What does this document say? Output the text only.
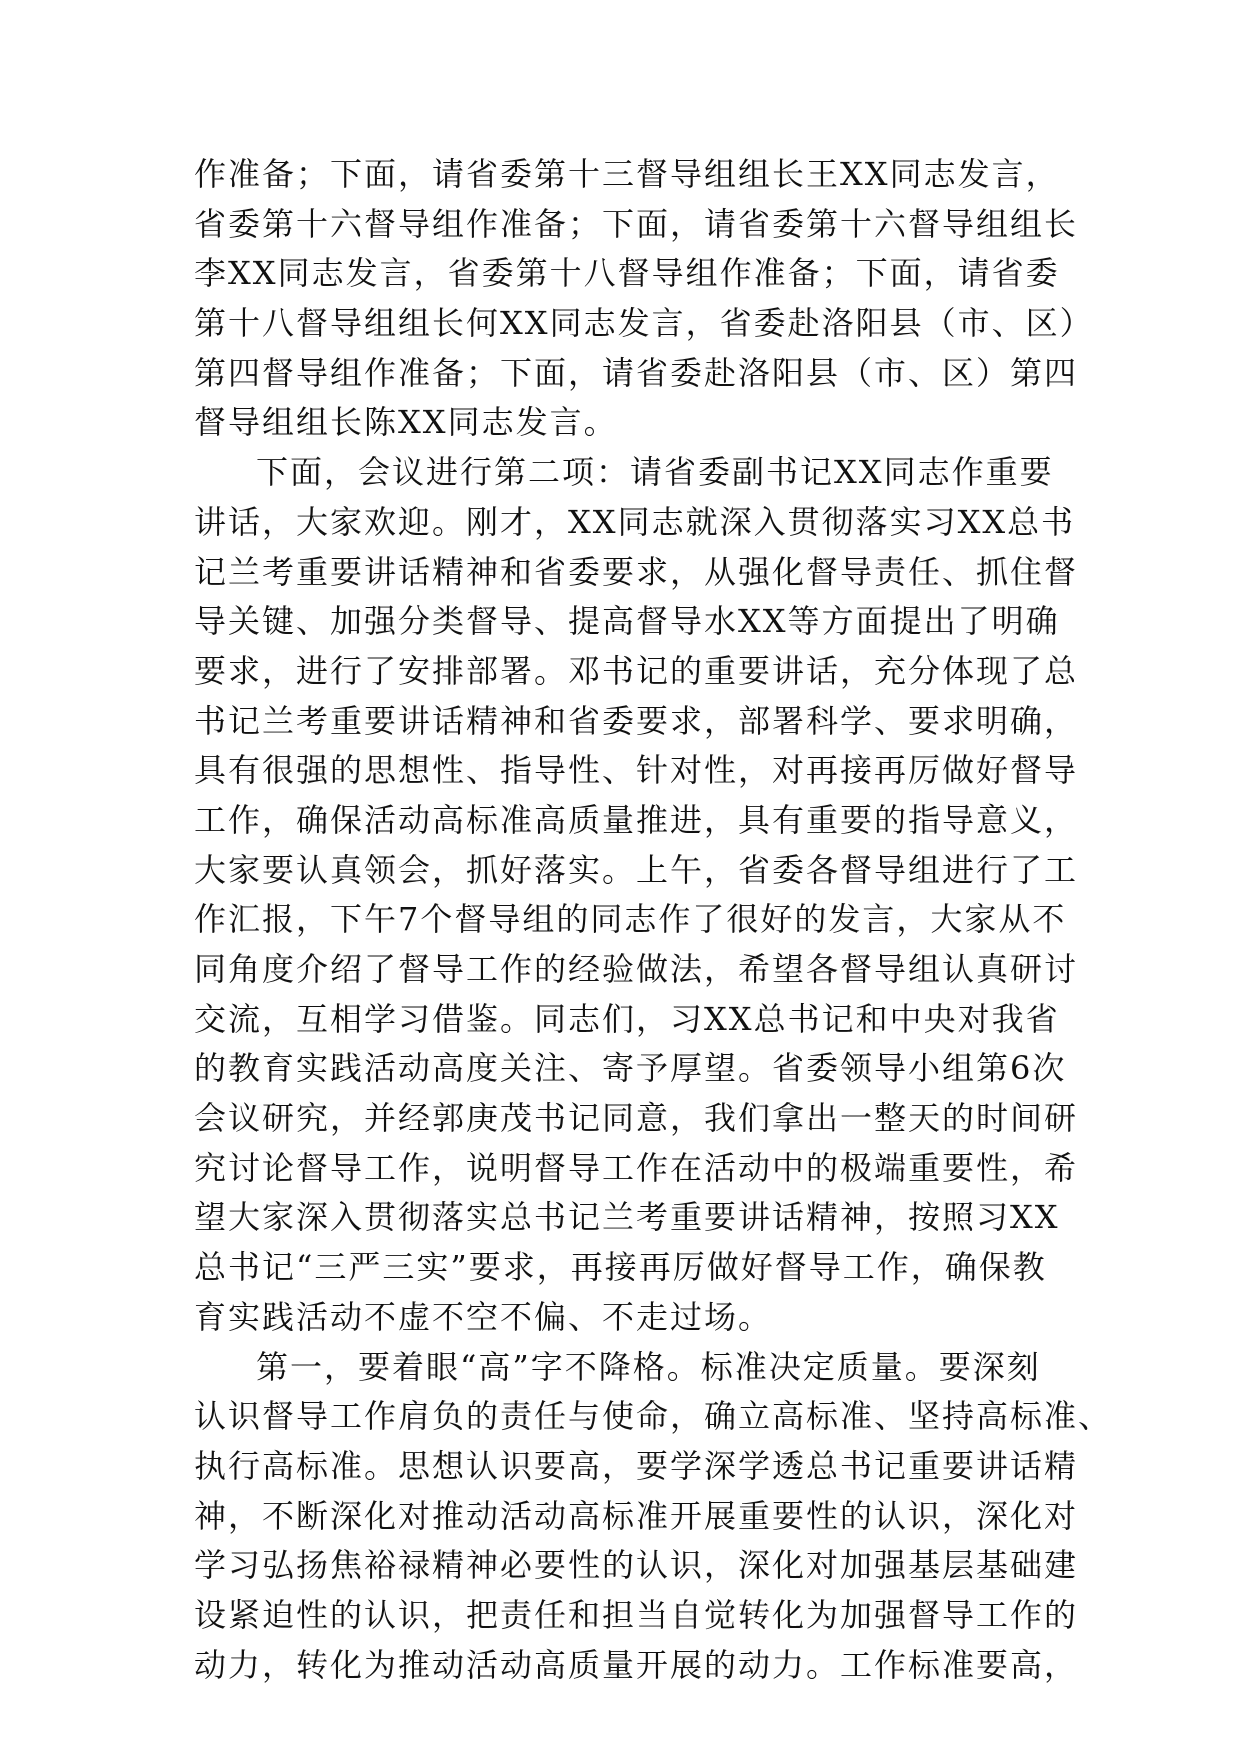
作准备；下面，请省委第十三督导组组长王XX同志发言，
省委第十六督导组作准备；下面，请省委第十六督导组组长
李XX同志发言，省委第十八督导组作准备；下面，请省委
第十八督导组组长何XX同志发言，省委赴洛阳县（市、区）
第四督导组作准备；下面，请省委赴洛阳县（市、区）第四
督导组组长陈XX同志发言。
下面，会议进行第二项：请省委副书记XX同志作重要
讲话，大家欢迎。刚才，XX同志就深入贯彻落实习XX总书
记兰考重要讲话精神和省委要求，从强化督导责任、抓住督
导关键、加强分类督导、提高督导水XX等方面提出了明确
要求，进行了安排部署。邓书记的重要讲话，充分体现了总
书记兰考重要讲话精神和省委要求，部署科学、要求明确，
具有很强的思想性、指导性、针对性，对再接再厉做好督导
工作，确保活动高标准高质量推进，具有重要的指导意义，
大家要认真领会，抓好落实。上午，省委各督导组进行了工
作汇报，下午7个督导组的同志作了很好的发言，大家从不
同角度介绍了督导工作的经验做法，希望各督导组认真研讨
交流，互相学习借鉴。同志们，习XX总书记和中央对我省
的教育实践活动高度关注、寄予厚望。省委领导小组第6次
会议研究，并经郭庚茂书记同意，我们拿出一整天的时间研
究讨论督导工作，说明督导工作在活动中的极端重要性，希
望大家深入贯彻落实总书记兰考重要讲话精神，按照习XX
总书记“三严三实”要求，再接再厉做好督导工作，确保教
育实践活动不虚不空不偏、不走过场。
第一，要着眼“高”字不降格。标准决定质量。要深刻
认识督导工作肩负的责任与使命，确立高标准、坚持高标准、
执行高标准。思想认识要高，要学深学透总书记重要讲话精
神，不断深化对推动活动高标准开展重要性的认识，深化对
学习弘扬焦裕禄精神必要性的认识，深化对加强基层基础建
设紧迫性的认识，把责任和担当自觉转化为加强督导工作的
动力，转化为推动活动高质量开展的动力。工作标准要高，
